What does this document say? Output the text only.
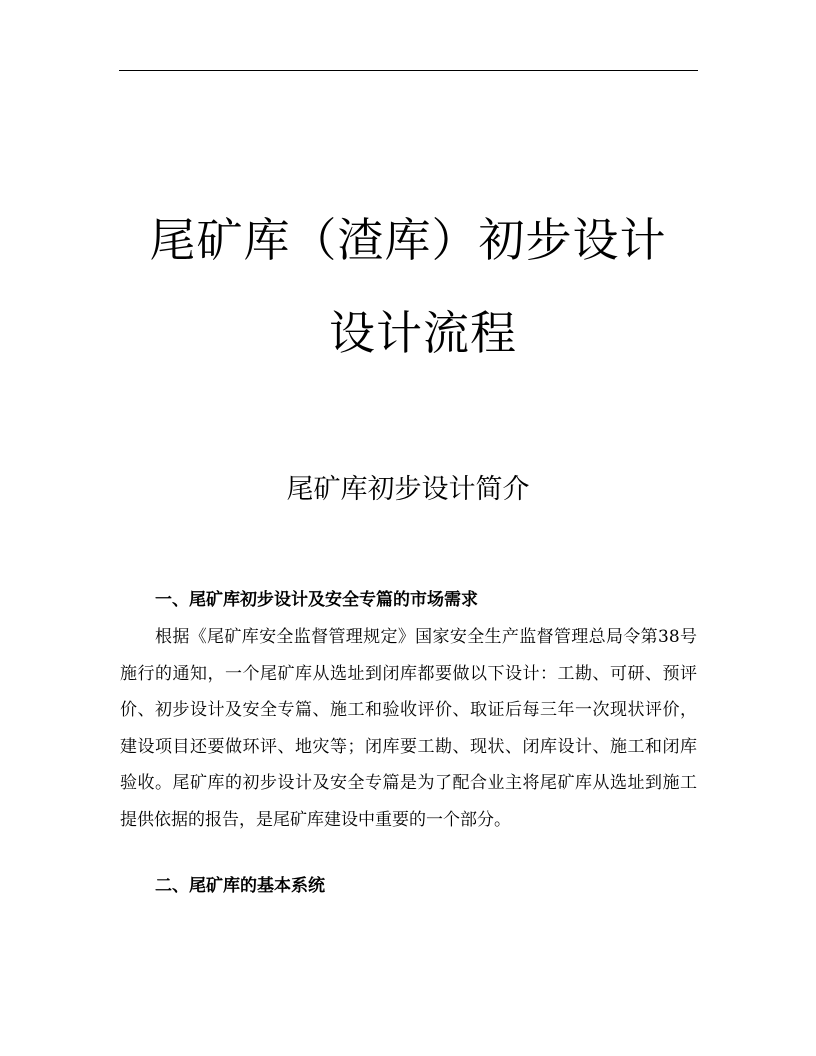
尾矿库（渣库）初步设计
设计流程
尾矿库初步设计简介
一、尾矿库初步设计及安全专篇的市场需求
根据《尾矿库安全监督管理规定》国家安全生产监督管理总局令第38号施行的通知，一个尾矿库从选址到闭库都要做以下设计：工勘、可研、预评价、初步设计及安全专篇、施工和验收评价、取证后每三年一次现状评价，建设项目还要做环评、地灾等；闭库要工勘、现状、闭库设计、施工和闭库验收。尾矿库的初步设计及安全专篇是为了配合业主将尾矿库从选址到施工提供依据的报告，是尾矿库建设中重要的一个部分。
二、尾矿库的基本系统
